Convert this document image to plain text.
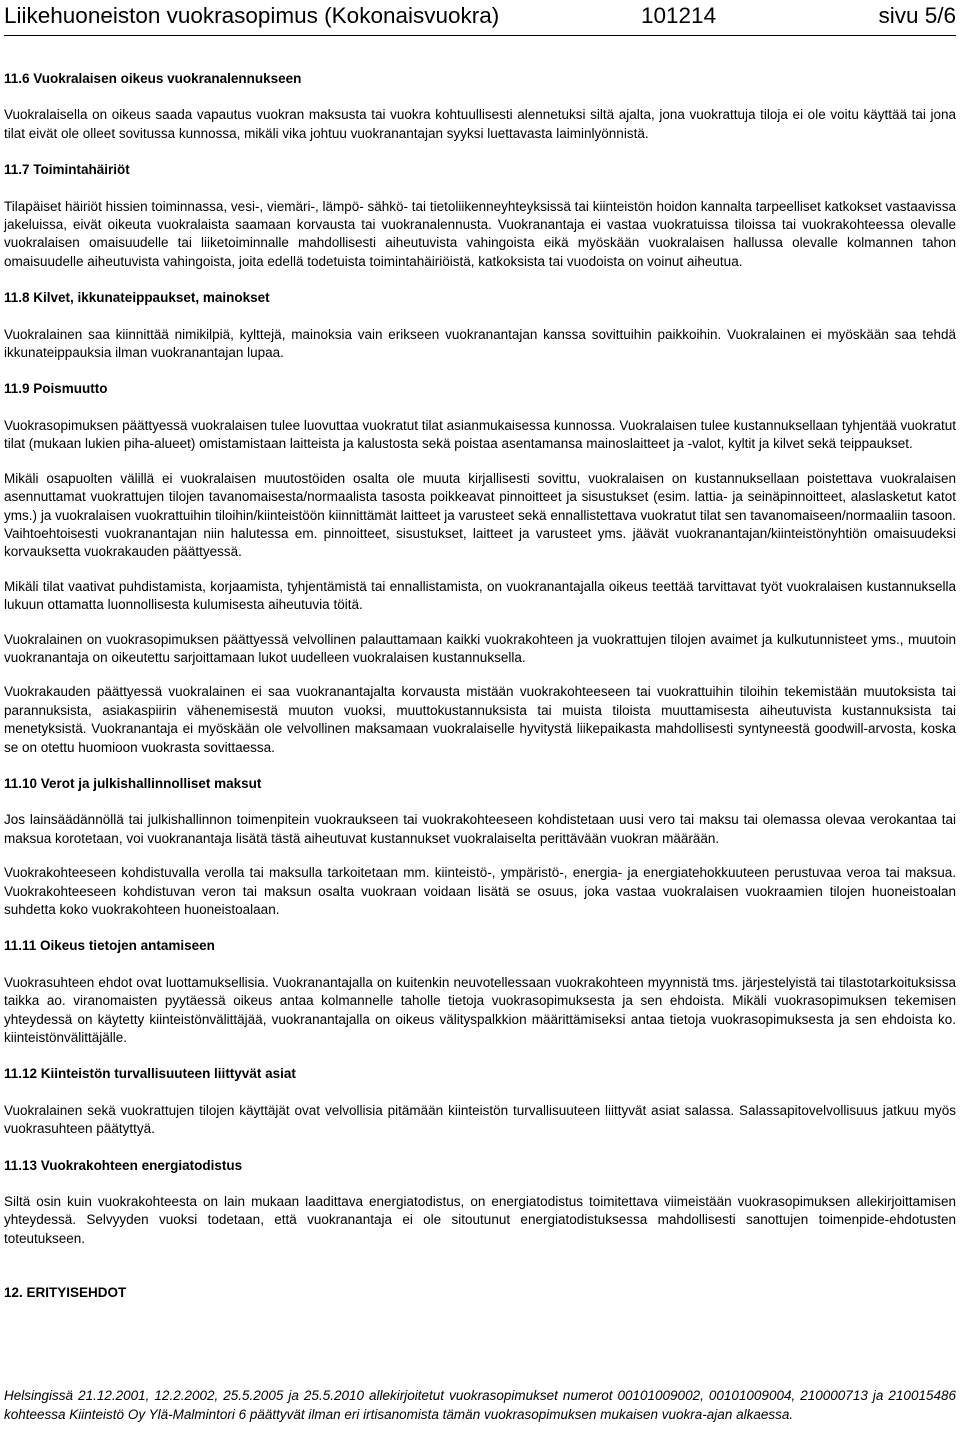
Liikehuoneiston vuokrasopimus (Kokonaisvuokra)	101214	sivu 5/6
11.6 Vuokralaisen oikeus vuokranalennukseen
Vuokralaisella on oikeus saada vapautus vuokran maksusta tai vuokra kohtuullisesti alennetuksi siltä ajalta, jona vuokrattuja tiloja ei ole voitu käyttää tai jona tilat eivät ole olleet sovitussa kunnossa, mikäli vika johtuu vuokranantajan syyksi luettavasta laiminlyönnistä.
11.7 Toimintahäiriöt
Tilapäiset häiriöt hissien toiminnassa, vesi-, viemäri-, lämpö- sähkö- tai tietoliikenneyhteyksissä tai kiinteistön hoidon kannalta tarpeelliset katkokset vastaavissa jakeluissa, eivät oikeuta vuokralaista saamaan korvausta tai vuokranalennusta. Vuokranantaja ei vastaa vuokratuissa tiloissa tai vuokrakohteessa olevalle vuokralaisen omaisuudelle tai liiketoiminnalle mahdollisesti aiheutuvista vahingoista eikä myöskään vuokralaisen hallussa olevalle kolmannen tahon omaisuudelle aiheutuvista vahingoista, joita edellä todetuista toimintahäiriöistä, katkoksista tai vuodoista on voinut aiheutua.
11.8 Kilvet, ikkunateippaukset, mainokset
Vuokralainen saa kiinnittää nimikilpiä, kylttejä, mainoksia vain erikseen vuokranantajan kanssa sovittuihin paikkoihin. Vuokralainen ei myöskään saa tehdä ikkunateippauksia ilman vuokranantajan lupaa.
11.9 Poismuutto
Vuokrasopimuksen päättyessä vuokralaisen tulee luovuttaa vuokratut tilat asianmukaisessa kunnossa. Vuokralaisen tulee kustannuksellaan tyhjentää vuokratut tilat (mukaan lukien piha-alueet) omistamistaan laitteista ja kalustosta sekä poistaa asentamansa mainoslaitteet ja -valot, kyltit ja kilvet sekä teippaukset.
Mikäli osapuolten välillä ei vuokralaisen muutostöiden osalta ole muuta kirjallisesti sovittu, vuokralaisen on kustannuksellaan poistettava vuokralaisen asennuttamat vuokrattujen tilojen tavanomaisesta/normaalista tasosta poikkeavat pinnoitteet ja sisustukset (esim. lattia- ja seinäpinnoitteet, alaslasketut katot yms.) ja vuokralaisen vuokrattuihin tiloihin/kiinteistöön kiinnittämät laitteet ja varusteet sekä ennallistettava vuokratut tilat sen tavanomaiseen/normaaliin tasoon. Vaihtoehtoisesti vuokranantajan niin halutessa em. pinnoitteet, sisustukset, laitteet ja varusteet yms. jäävät vuokranantajan/kiinteistönyhtiön omaisuudeksi korvauksetta vuokrakauden päättyessä.
Mikäli tilat vaativat puhdistamista, korjaamista, tyhjentämistä tai ennallistamista, on vuokranantajalla oikeus teettää tarvittavat työt vuokralaisen kustannuksella lukuun ottamatta luonnollisesta kulumisesta aiheutuvia töitä.
Vuokralainen on vuokrasopimuksen päättyessä velvollinen palauttamaan kaikki vuokrakohteen ja vuokrattujen tilojen avaimet ja kulkutunnisteet yms., muutoin vuokranantaja on oikeutettu sarjoittamaan lukot uudelleen vuokralaisen kustannuksella.
Vuokrakauden päättyessä vuokralainen ei saa vuokranantajalta korvausta mistään vuokrakohteeseen tai vuokrattuihin tiloihin tekemistään muutoksista tai parannuksista, asiakaspiirin vähenemisestä muuton vuoksi, muuttokustannuksista tai muista tiloista muuttamisesta aiheutuvista kustannuksista tai menetyksistä. Vuokranantaja ei myöskään ole velvollinen maksamaan vuokralaiselle hyvitystä liikepaikasta mahdollisesti syntyneestä goodwill-arvosta, koska se on otettu huomioon vuokrasta sovittaessa.
11.10 Verot ja julkishallinnolliset maksut
Jos lainsäädännöllä tai julkishallinnon toimenpitein vuokraukseen tai vuokrakohteeseen kohdistetaan uusi vero tai maksu tai olemassa olevaa verokantaa tai maksua korotetaan, voi vuokranantaja lisätä tästä aiheutuvat kustannukset vuokralaiselta perittävään vuokran määrään.
Vuokrakohteeseen kohdistuvalla verolla tai maksulla tarkoitetaan mm. kiinteistö-, ympäristö-, energia- ja energiatehokkuuteen perustuvaa veroa tai maksua. Vuokrakohteeseen kohdistuvan veron tai maksun osalta vuokraan voidaan lisätä se osuus, joka vastaa vuokralaisen vuokraamien tilojen huoneistoalan suhdetta koko vuokrakohteen huoneistoalaan.
11.11 Oikeus tietojen antamiseen
Vuokrasuhteen ehdot ovat luottamuksellisia. Vuokranantajalla on kuitenkin neuvotellessaan vuokrakohteen myynnistä tms. järjestelyistä tai tilastotarkoituksissa taikka ao. viranomaisten pyytäessä oikeus antaa kolmannelle taholle tietoja vuokrasopimuksesta ja sen ehdoista. Mikäli vuokrasopimuksen tekemisen yhteydessä on käytetty kiinteistönvälittäjää, vuokranantajalla on oikeus välityspalkkion määrittämiseksi antaa tietoja vuokrasopimuksesta ja sen ehdoista ko. kiinteistönvälittäjälle.
11.12 Kiinteistön turvallisuuteen liittyvät asiat
Vuokralainen sekä vuokrattujen tilojen käyttäjät ovat velvollisia pitämään kiinteistön turvallisuuteen liittyvät asiat salassa. Salassapitovelvollisuus jatkuu myös vuokrasuhteen päätyttyä.
11.13 Vuokrakohteen energiatodistus
Siltä osin kuin vuokrakohteesta on lain mukaan laadittava energiatodistus, on energiatodistus toimitettava viimeistään vuokrasopimuksen allekirjoittamisen yhteydessä. Selvyyden vuoksi todetaan, että vuokranantaja ei ole sitoutunut energiatodistuksessa mahdollisesti sanottujen toimenpide-ehdotusten toteutukseen.
12. ERITYISEHDOT
Helsingissä 21.12.2001, 12.2.2002, 25.5.2005 ja 25.5.2010 allekirjoitetut vuokrasopimukset numerot 00101009002, 00101009004, 210000713 ja 210015486 kohteessa Kiinteistö Oy Ylä-Malmintori 6 päättyvät ilman eri irtisanomista tämän vuokrasopimuksen mukaisen vuokra-ajan alkaessa.
